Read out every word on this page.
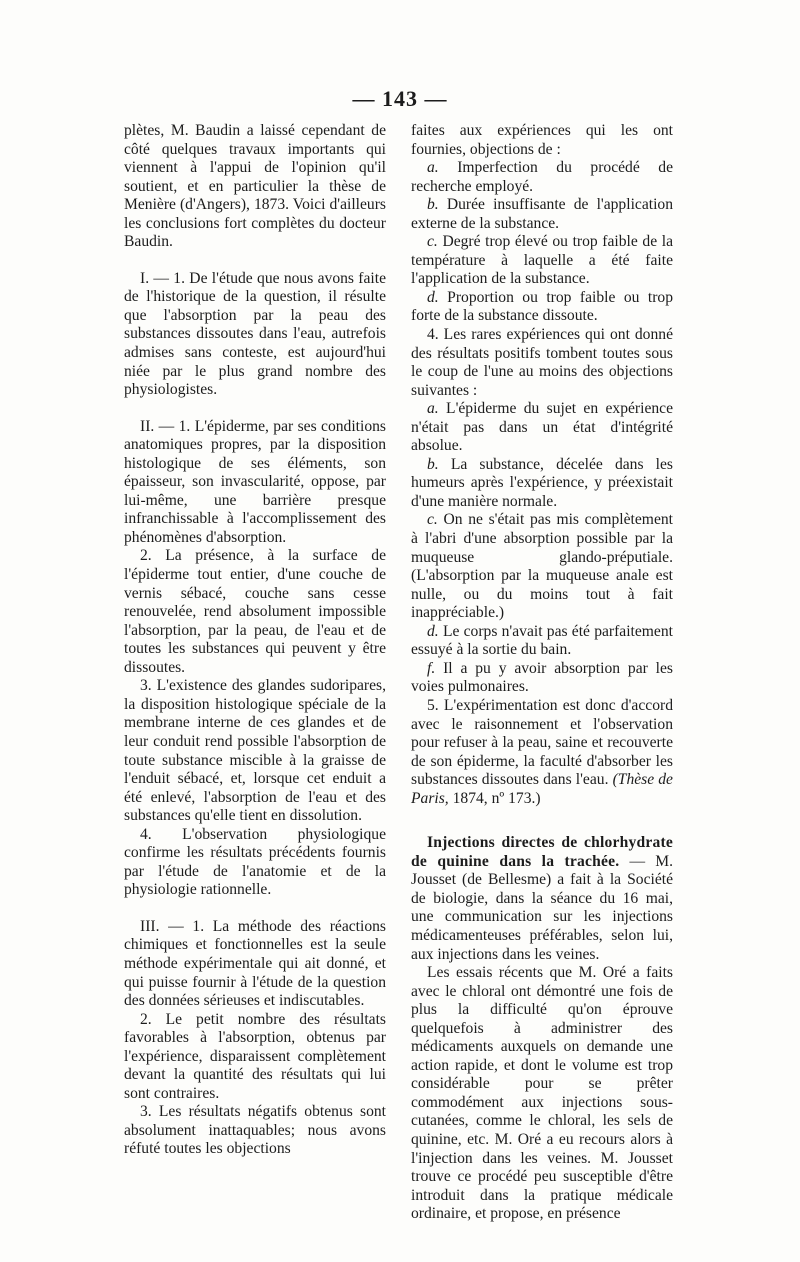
— 143 —

plètes, M. Baudin a laissé cependant de côté quelques travaux importants qui viennent à l'appui de l'opinion qu'il soutient, et en particulier la thèse de Menière (d'Angers), 1873. Voici d'ailleurs les conclusions fort complètes du docteur Baudin.

I. — 1. De l'étude que nous avons faite de l'historique de la question, il résulte que l'absorption par la peau des substances dissoutes dans l'eau, autrefois admises sans conteste, est aujourd'hui niée par le plus grand nombre des physiologistes.

II. — 1. L'épiderme, par ses conditions anatomiques propres, par la disposition histologique de ses éléments, son épaisseur, son invascularité, oppose, par lui-même, une barrière presque infranchissable à l'accomplissement des phénomènes d'absorption.

2. La présence, à la surface de l'épiderme tout entier, d'une couche de vernis sébacé, couche sans cesse renouvelée, rend absolument impossible l'absorption, par la peau, de l'eau et de toutes les substances qui peuvent y être dissoutes.

3. L'existence des glandes sudoripares, la disposition histologique spéciale de la membrane interne de ces glandes et de leur conduit rend possible l'absorption de toute substance miscible à la graisse de l'enduit sébacé, et, lorsque cet enduit a été enlevé, l'absorption de l'eau et des substances qu'elle tient en dissolution.

4. L'observation physiologique confirme les résultats précédents fournis par l'étude de l'anatomie et de la physiologie rationnelle.

III. — 1. La méthode des réactions chimiques et fonctionnelles est la seule méthode expérimentale qui ait donné, et qui puisse fournir à l'étude de la question des données sérieuses et indiscutables.

2. Le petit nombre des résultats favorables à l'absorption, obtenus par l'expérience, disparaissent complètement devant la quantité des résultats qui lui sont contraires.

3. Les résultats négatifs obtenus sont absolument inattaquables; nous avons réfuté toutes les objections

faites aux expériences qui les ont fournies, objections de :

a. Imperfection du procédé de recherche employé.

b. Durée insuffisante de l'application externe de la substance.

c. Degré trop élevé ou trop faible de la température à laquelle a été faite l'application de la substance.

d. Proportion ou trop faible ou trop forte de la substance dissoute.

4. Les rares expériences qui ont donné des résultats positifs tombent toutes sous le coup de l'une au moins des objections suivantes :

a. L'épiderme du sujet en expérience n'était pas dans un état d'intégrité absolue.

b. La substance, décelée dans les humeurs après l'expérience, y préexistait d'une manière normale.

c. On ne s'était pas mis complètement à l'abri d'une absorption possible par la muqueuse glando-préputiale. (L'absorption par la muqueuse anale est nulle, ou du moins tout à fait inappréciable.)

d. Le corps n'avait pas été parfaitement essuyé à la sortie du bain.

f. Il a pu y avoir absorption par les voies pulmonaires.

5. L'expérimentation est donc d'accord avec le raisonnement et l'observation pour refuser à la peau, saine et recouverte de son épiderme, la faculté d'absorber les substances dissoutes dans l'eau. (Thèse de Paris, 1874, nº 173.)

Injections directes de chlorhydrate de quinine dans la trachée. — M. Jousset (de Bellesme) a fait à la Société de biologie, dans la séance du 16 mai, une communication sur les injections médicamenteuses préférables, selon lui, aux injections dans les veines.

Les essais récents que M. Oré a faits avec le chloral ont démontré une fois de plus la difficulté qu'on éprouve quelquefois à administrer des médicaments auxquels on demande une action rapide, et dont le volume est trop considérable pour se prêter commodément aux injections sous-cutanées, comme le chloral, les sels de quinine, etc. M. Oré a eu recours alors à l'injection dans les veines. M. Jousset trouve ce procédé peu susceptible d'être introduit dans la pratique médicale ordinaire, et propose, en présence
